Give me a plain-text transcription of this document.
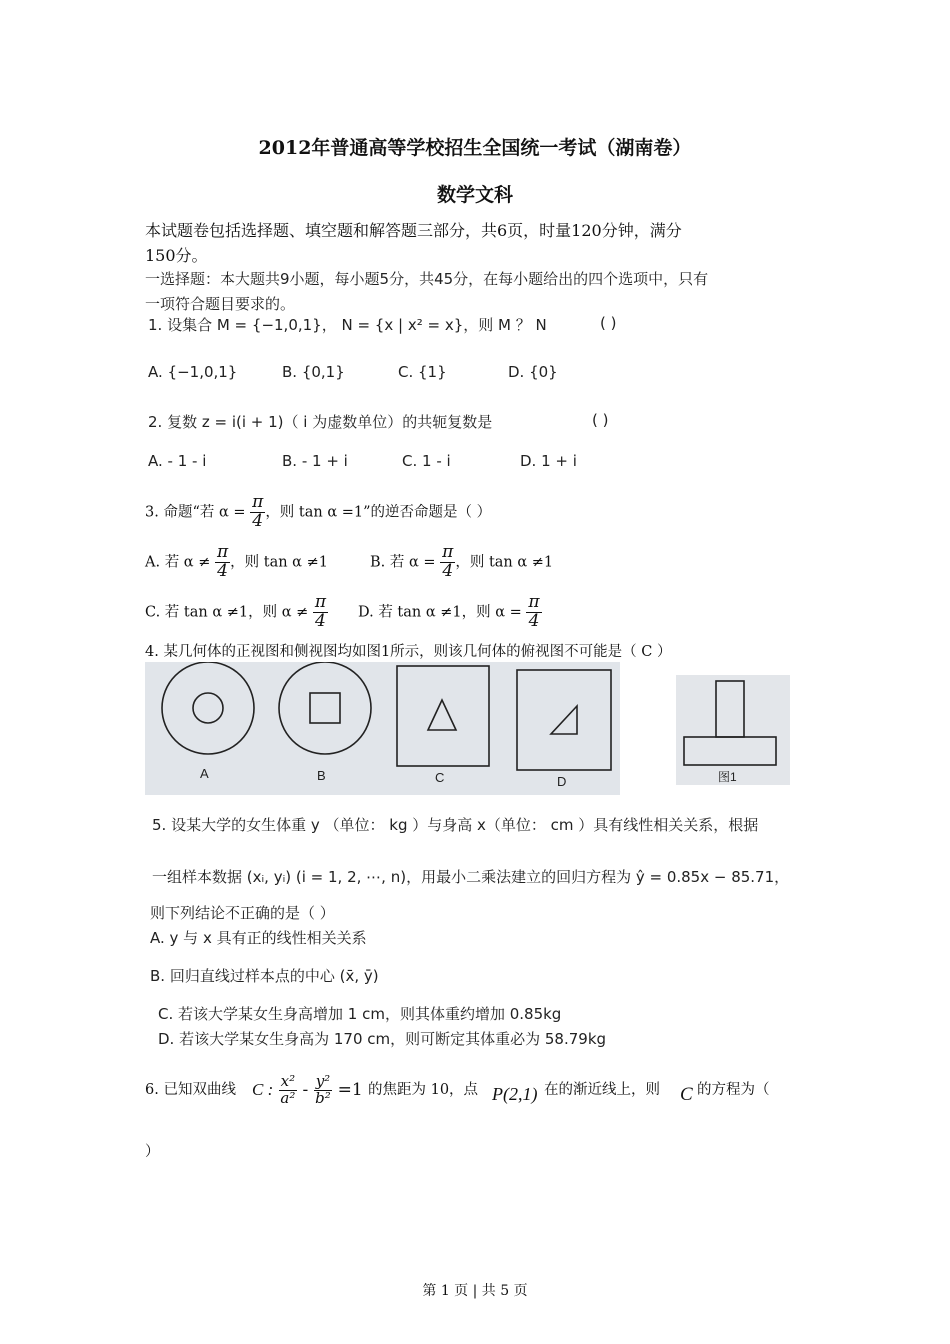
2012年普通高等学校招生全国统一考试（湖南卷）
数学文科
本试题卷包括选择题、填空题和解答题三部分，共6页，时量120分钟，满分
150分。
一选择题：本大题共9小题，每小题5分，共45分，在每小题给出的四个选项中，只有
一项符合题目要求的。
1. 设集合 M = {−1,0,1}， N = {x | x² = x}，则 M ？ N	( )
A. {−1,0,1}	B. {0,1}	C. {1}	D. {0}
2. 复数 z = i(i + 1)（ i 为虚数单位）的共轭复数是	( )
A. - 1 - i	B. - 1 + i	C. 1 - i	D. 1 + i
3. 命题“若 $\alpha = \frac{\pi}{4}$ ，则 tan α =1”的逆否命题是（ ）
A. 若 $\alpha \ne \frac{\pi}{4}$ ，则 tan α ≠1	B. 若 $\alpha = \frac{\pi}{4}$ ，则 tan α ≠1
C. 若 tan α ≠1，则 $\alpha \ne \frac{\pi}{4} D$. 若 tan α ≠1，则 $\alpha = \frac{\pi}{4}$
4. 某几何体的正视图和侧视图均如图1所示，则该几何体的俯视图不可能是（ C ）
A	B	C	D	图1
5. 设某大学的女生体重 y （单位： kg ）与身高 x（单位： cm ）具有线性相关关系，根据
一组样本数据 (xᵢ, yᵢ) (i = 1, 2, ⋯, n)，用最小二乘法建立的回归方程为 ŷ = 0.85x − 85.71，
则下列结论不正确的是（ ）
A. y 与 x 具有正的线性相关关系
B. 回归直线过样本点的中心 (x̄, ȳ)
C. 若该大学某女生身高增加 1 cm，则其体重约增加 0.85kg
D. 若该大学某女生身高为 170 cm，则可断定其体重必为 58.79kg
6. 已知双曲线 C : $\frac{\text{x²}}{\text{a²}} - \frac{\text{y²}}{\text{b²}} =1$ 的焦距为 10，点 P(2,1) 在的渐近线上，则 C 的方程为（
）
第 1 页 | 共 5 页
